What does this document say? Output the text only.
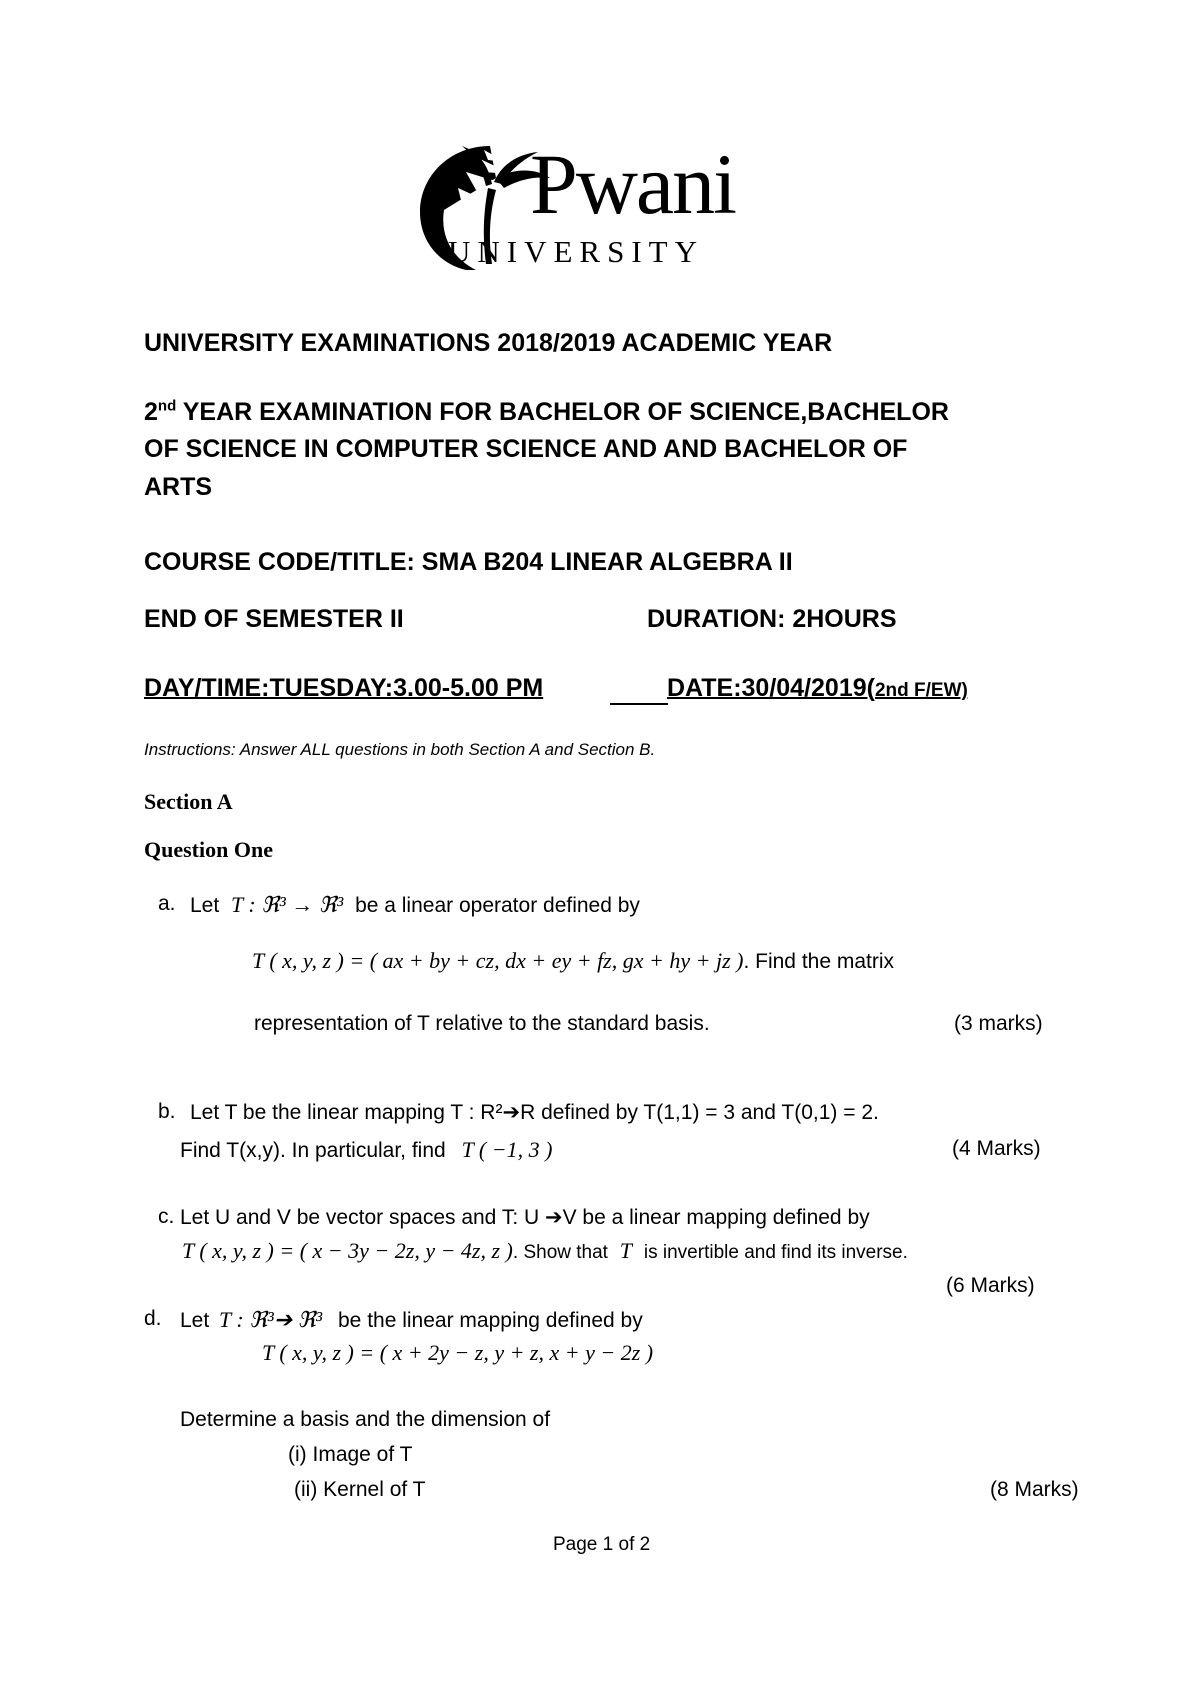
Pwani
UNIVERSITY
UNIVERSITY EXAMINATIONS 2018/2019 ACADEMIC YEAR
2nd YEAR EXAMINATION FOR BACHELOR OF SCIENCE,BACHELOR
OF SCIENCE IN COMPUTER SCIENCE AND AND BACHELOR OF
ARTS
COURSE CODE/TITLE: SMA B204 LINEAR ALGEBRA II
END OF SEMESTER II	DURATION: 2HOURS
DAY/TIME:TUESDAY:3.00-5.00 PM	DATE:30/04/2019(2nd F/EW)
Instructions: Answer ALL questions in both Section A and Section B.
Section A
Question One
a. Let T : ℜ³ → ℜ³ be a linear operator defined by
T ( x, y, z ) = ( ax + by + cz, dx + ey + fz, gx + hy + jz ). Find the matrix
representation of T relative to the standard basis.	(3 marks)
b. Let T be the linear mapping T : R²➔R defined by T(1,1) = 3 and T(0,1) = 2.
Find T(x,y). In particular, find T ( −1, 3 )	(4 Marks)
c. Let U and V be vector spaces and T: U ➔V be a linear mapping defined by
T ( x, y, z ) = ( x − 3y − 2z, y − 4z, z ). Show that T is invertible and find its inverse.
(6 Marks)
d. Let T : ℜ³➔ ℜ³ be the linear mapping defined by
T ( x, y, z ) = ( x + 2y − z, y + z, x + y − 2z )
Determine a basis and the dimension of
(i) Image of T
(ii) Kernel of T	(8 Marks)
Page 1 of 2
